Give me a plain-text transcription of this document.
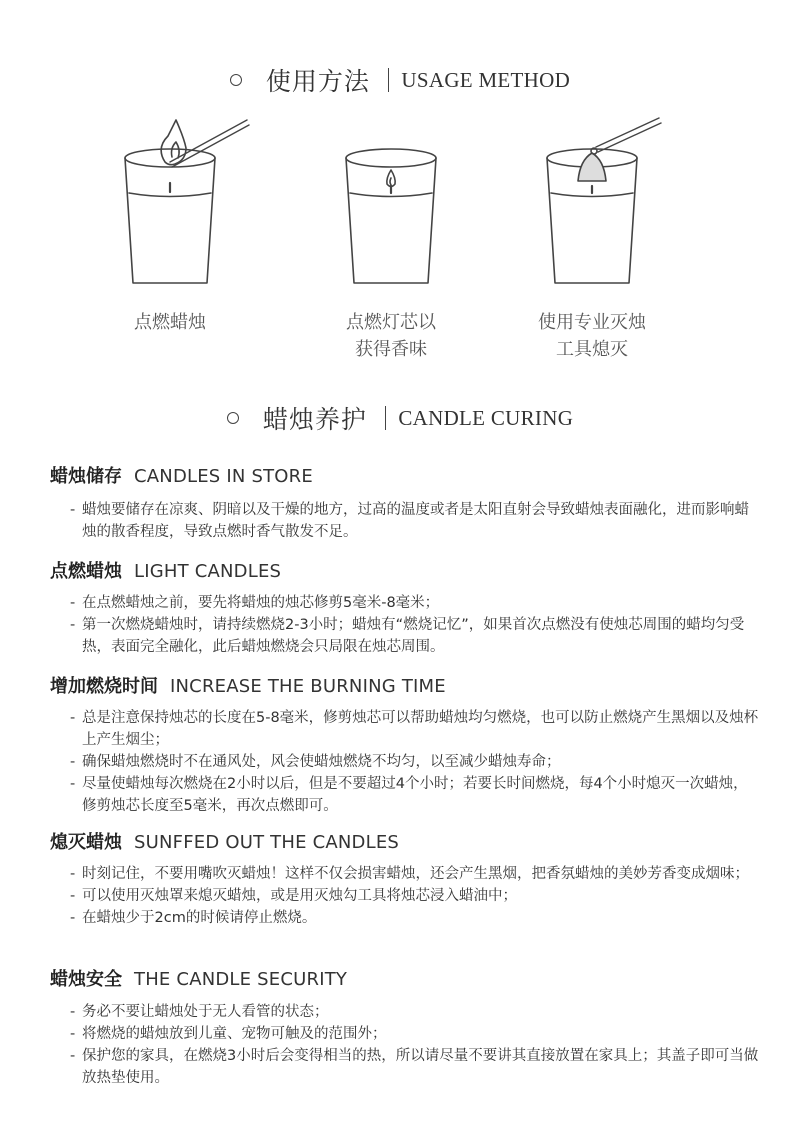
使用方法 USAGE METHOD
点燃蜡烛	点燃灯芯以
获得香味
使用专业灭烛
工具熄灭
蜡烛养护 CANDLE CURING
蜡烛储存 CANDLES IN STORE
- 蜡烛要储存在凉爽、阴暗以及干燥的地方，过高的温度或者是太阳直射会导致蜡烛表面融化，进而影响蜡烛的散香程度，导致点燃时香气散发不足。
点燃蜡烛 LIGHT CANDLES
- 在点燃蜡烛之前，要先将蜡烛的烛芯修剪5毫米-8毫米；
- 第一次燃烧蜡烛时，请持续燃烧2-3小时；蜡烛有“燃烧记忆”，如果首次点燃没有使烛芯周围的蜡均匀受热，表面完全融化，此后蜡烛燃烧会只局限在烛芯周围。
增加燃烧时间 INCREASE THE BURNING TIME
- 总是注意保持烛芯的长度在5-8毫米，修剪烛芯可以帮助蜡烛均匀燃烧，也可以防止燃烧产生黑烟以及烛杯上产生烟尘；
- 确保蜡烛燃烧时不在通风处，风会使蜡烛燃烧不均匀，以至减少蜡烛寿命；
- 尽量使蜡烛每次燃烧在2小时以后，但是不要超过4个小时；若要长时间燃烧，每4个小时熄灭一次蜡烛，修剪烛芯长度至5毫米，再次点燃即可。
熄灭蜡烛 SUNFFED OUT THE CANDLES
- 时刻记住，不要用嘴吹灭蜡烛！这样不仅会损害蜡烛，还会产生黑烟，把香氛蜡烛的美妙芳香变成烟味；
- 可以使用灭烛罩来熄灭蜡烛，或是用灭烛勾工具将烛芯浸入蜡油中；
- 在蜡烛少于2cm的时候请停止燃烧。
蜡烛安全 THE CANDLE SECURITY
- 务必不要让蜡烛处于无人看管的状态；
- 将燃烧的蜡烛放到儿童、宠物可触及的范围外；
- 保护您的家具，在燃烧3小时后会变得相当的热，所以请尽量不要讲其直接放置在家具上；其盖子即可当做放热垫使用。
